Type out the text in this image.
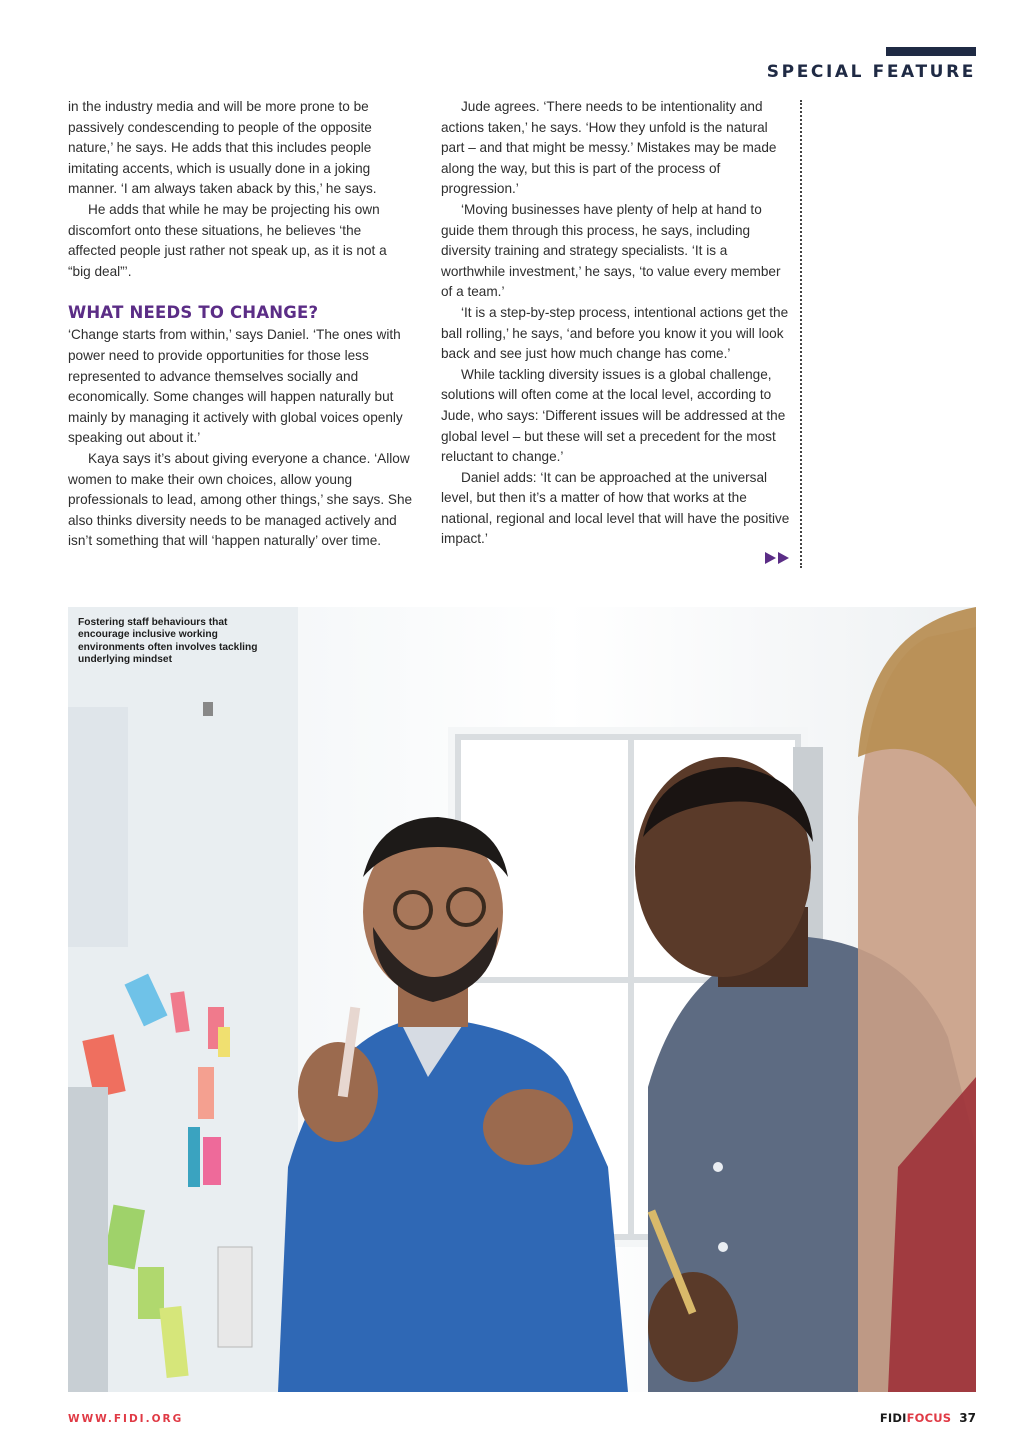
SPECIAL FEATURE

in the industry media and will be more prone to be passively condescending to people of the opposite nature,’ he says. He adds that this includes people imitating accents, which is usually done in a joking manner. ‘I am always taken aback by this,’ he says.

He adds that while he may be projecting his own discomfort onto these situations, he believes ‘the affected people just rather not speak up, as it is not a “big deal”’.

WHAT NEEDS TO CHANGE?

‘Change starts from within,’ says Daniel. ‘The ones with power need to provide opportunities for those less represented to advance themselves socially and economically. Some changes will happen naturally but mainly by managing it actively with global voices openly speaking out about it.’

Kaya says it’s about giving everyone a chance. ‘Allow women to make their own choices, allow young professionals to lead, among other things,’ she says. She also thinks diversity needs to be managed actively and isn’t something that will ‘happen naturally’ over time.

Jude agrees. ‘There needs to be intentionality and actions taken,’ he says. ‘How they unfold is the natural part – and that might be messy.’ Mistakes may be made along the way, but this is part of the process of progression.’

‘Moving businesses have plenty of help at hand to guide them through this process, he says, including diversity training and strategy specialists. ‘It is a worthwhile investment,’ he says, ‘to value every member of a team.’

‘It is a step-by-step process, intentional actions get the ball rolling,’ he says, ‘and before you know it you will look back and see just how much change has come.’

While tackling diversity issues is a global challenge, solutions will often come at the local level, according to Jude, who says: ‘Different issues will be addressed at the global level – but these will set a precedent for the most reluctant to change.’

Daniel adds: ‘It can be approached at the universal level, but then it’s a matter of how that works at the national, regional and local level that will have the positive impact.’

Fostering staff behaviours that encourage inclusive working environments often involves tackling underlying mindset
WWW.FIDI.ORG	FIDI FOCUS 37
